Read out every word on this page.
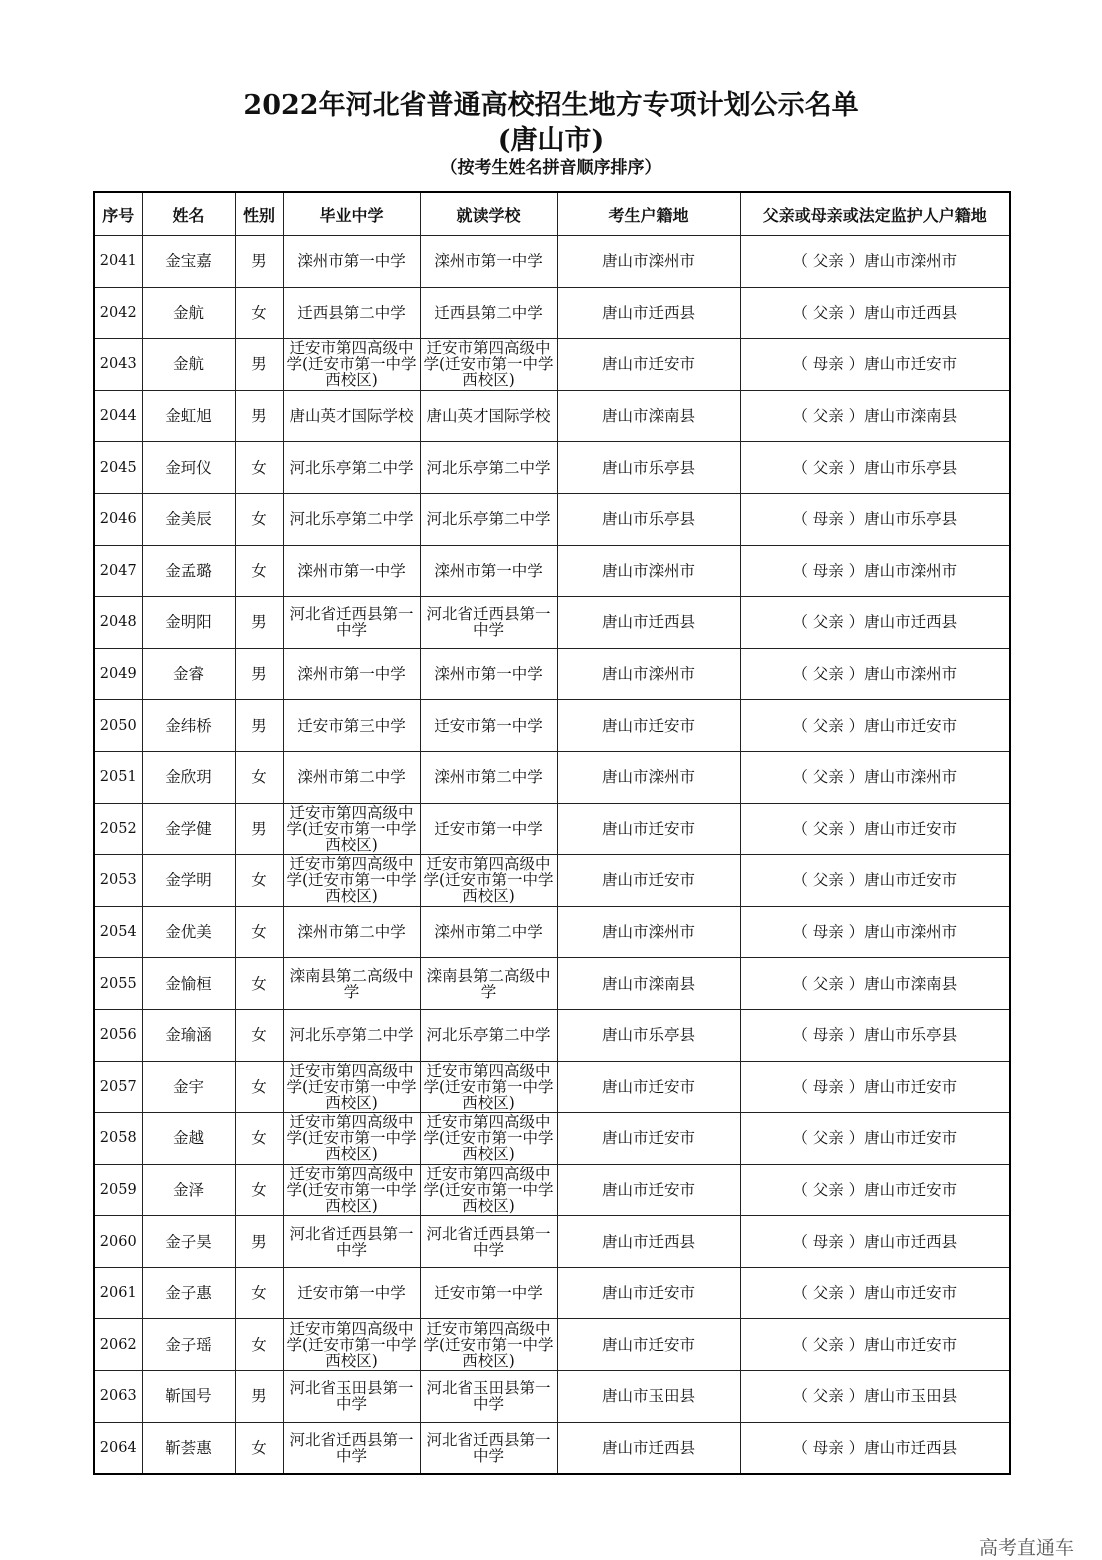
2022年河北省普通高校招生地方专项计划公示名单
(唐山市)
（按考生姓名拼音顺序排序）
序号	姓名	性别	毕业中学	就读学校	考生户籍地	父亲或母亲或法定监护人户籍地
2041	金宝嘉	男	滦州市第一中学	滦州市第一中学	唐山市滦州市	（ 父亲 ）唐山市滦州市
2042	金航	女	迁西县第二中学	迁西县第二中学	唐山市迁西县	（ 父亲 ）唐山市迁西县
2043	金航	男	迁安市第四高级中学(迁安市第一中学西校区)	迁安市第四高级中学(迁安市第一中学西校区)	唐山市迁安市	（ 母亲 ）唐山市迁安市
2044	金虹旭	男	唐山英才国际学校	唐山英才国际学校	唐山市滦南县	（ 父亲 ）唐山市滦南县
2045	金珂仪	女	河北乐亭第二中学	河北乐亭第二中学	唐山市乐亭县	（ 父亲 ）唐山市乐亭县
2046	金美辰	女	河北乐亭第二中学	河北乐亭第二中学	唐山市乐亭县	（ 母亲 ）唐山市乐亭县
2047	金孟璐	女	滦州市第一中学	滦州市第一中学	唐山市滦州市	（ 母亲 ）唐山市滦州市
2048	金明阳	男	河北省迁西县第一中学	河北省迁西县第一中学	唐山市迁西县	（ 父亲 ）唐山市迁西县
2049	金睿	男	滦州市第一中学	滦州市第一中学	唐山市滦州市	（ 父亲 ）唐山市滦州市
2050	金纬桥	男	迁安市第三中学	迁安市第一中学	唐山市迁安市	（ 父亲 ）唐山市迁安市
2051	金欣玥	女	滦州市第二中学	滦州市第二中学	唐山市滦州市	（ 父亲 ）唐山市滦州市
2052	金学健	男	迁安市第四高级中学(迁安市第一中学西校区)	迁安市第一中学	唐山市迁安市	（ 父亲 ）唐山市迁安市
2053	金学明	女	迁安市第四高级中学(迁安市第一中学西校区)	迁安市第四高级中学(迁安市第一中学西校区)	唐山市迁安市	（ 父亲 ）唐山市迁安市
2054	金优美	女	滦州市第二中学	滦州市第二中学	唐山市滦州市	（ 母亲 ）唐山市滦州市
2055	金愉桓	女	滦南县第二高级中学	滦南县第二高级中学	唐山市滦南县	（ 父亲 ）唐山市滦南县
2056	金瑜涵	女	河北乐亭第二中学	河北乐亭第二中学	唐山市乐亭县	（ 母亲 ）唐山市乐亭县
2057	金宇	女	迁安市第四高级中学(迁安市第一中学西校区)	迁安市第四高级中学(迁安市第一中学西校区)	唐山市迁安市	（ 母亲 ）唐山市迁安市
2058	金越	女	迁安市第四高级中学(迁安市第一中学西校区)	迁安市第四高级中学(迁安市第一中学西校区)	唐山市迁安市	（ 父亲 ）唐山市迁安市
2059	金泽	女	迁安市第四高级中学(迁安市第一中学西校区)	迁安市第四高级中学(迁安市第一中学西校区)	唐山市迁安市	（ 父亲 ）唐山市迁安市
2060	金子昊	男	河北省迁西县第一中学	河北省迁西县第一中学	唐山市迁西县	（ 母亲 ）唐山市迁西县
2061	金子惠	女	迁安市第一中学	迁安市第一中学	唐山市迁安市	（ 父亲 ）唐山市迁安市
2062	金子瑶	女	迁安市第四高级中学(迁安市第一中学西校区)	迁安市第四高级中学(迁安市第一中学西校区)	唐山市迁安市	（ 父亲 ）唐山市迁安市
2063	靳国号	男	河北省玉田县第一中学	河北省玉田县第一中学	唐山市玉田县	（ 父亲 ）唐山市玉田县
2064	靳荟惠	女	河北省迁西县第一中学	河北省迁西县第一中学	唐山市迁西县	（ 母亲 ）唐山市迁西县
高考直通车
